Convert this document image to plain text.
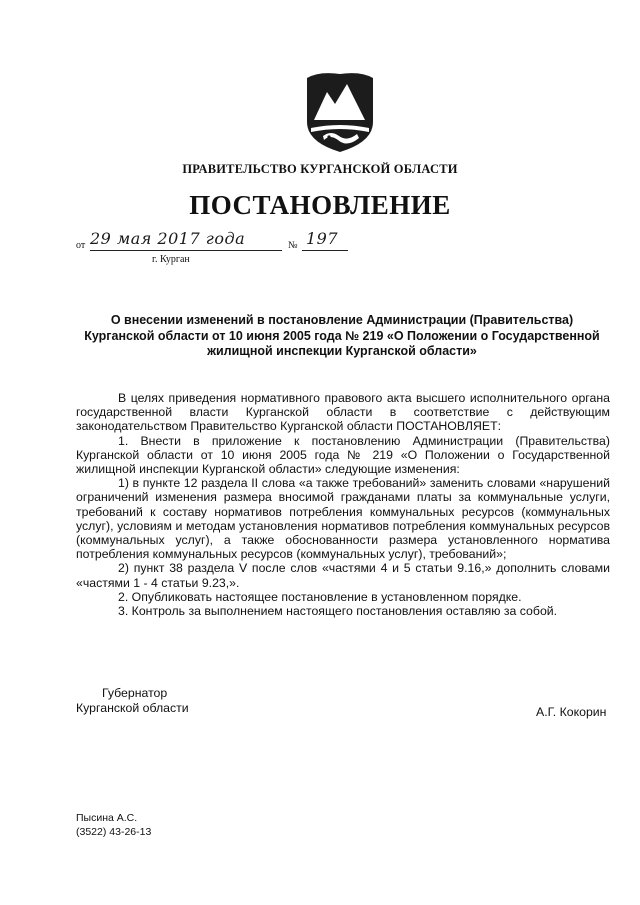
ПРАВИТЕЛЬСТВО КУРГАНСКОЙ ОБЛАСТИ
ПОСТАНОВЛЕНИЕ
от 29 мая 2017 года	№ 197
г. Курган
О внесении изменений в постановление Администрации (Правительства)
Курганской области от 10 июня 2005 года № 219 «О Положении о Государственной
жилищной инспекции Курганской области»

В целях приведения нормативного правового акта высшего исполнительного органа государственной власти Курганской области в соответствие с действующим законодательством Правительство Курганской области ПОСТАНОВЛЯЕТ:

1. Внести в приложение к постановлению Администрации (Правительства) Курганской области от 10 июня 2005 года № 219 «О Положении о Государственной жилищной инспекции Курганской области» следующие изменения:

1) в пункте 12 раздела II слова «а также требований» заменить словами «нарушений ограничений изменения размера вносимой гражданами платы за коммунальные услуги, требований к составу нормативов потребления коммунальных ресурсов (коммунальных услуг), условиям и методам установления нормативов потребления коммунальных ресурсов (коммунальных услуг), а также обоснованности размера установленного норматива потребления коммунальных ресурсов (коммунальных услуг), требований»;

2) пункт 38 раздела V после слов «частями 4 и 5 статьи 9.16,» дополнить словами «частями 1 - 4 статьи 9.23,».

2. Опубликовать настоящее постановление в установленном порядке.

3. Контроль за выполнением настоящего постановления оставляю за собой.

Губернатор
Курганской области	А.Г. Кокорин
Пысина А.С.
(3522) 43-26-13
